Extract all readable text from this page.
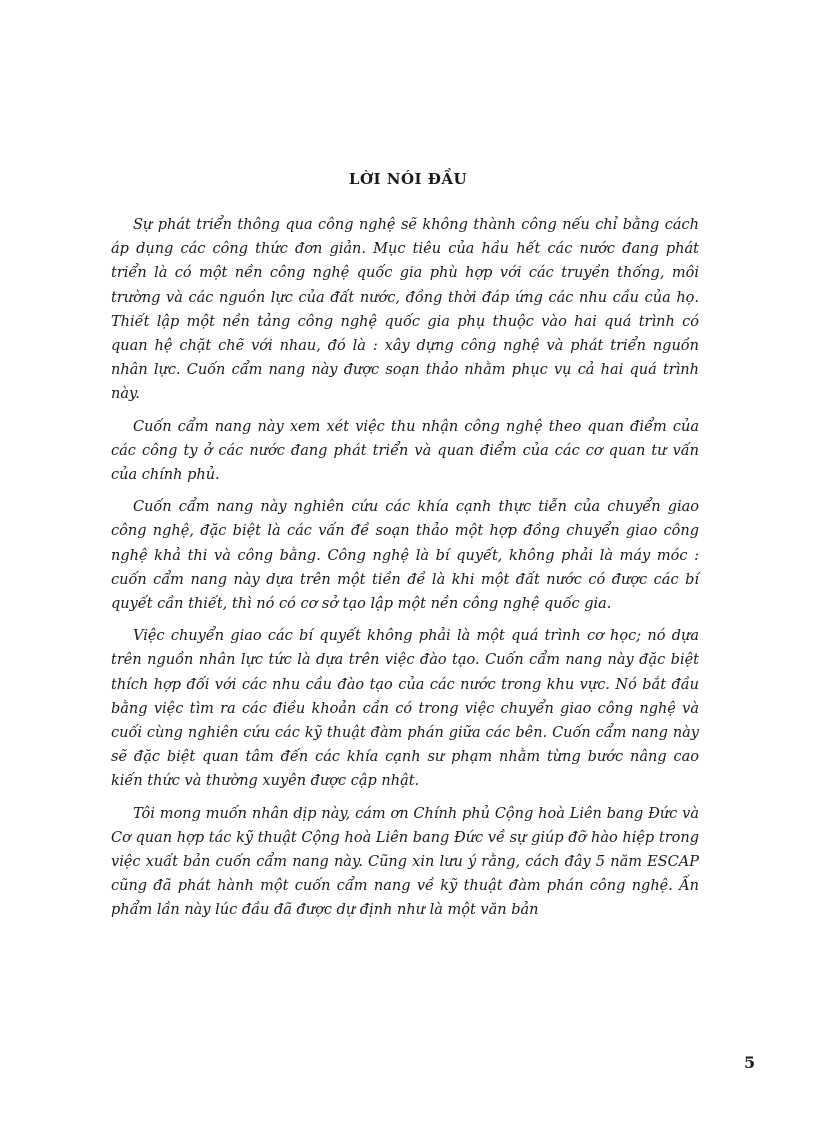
LỜI NÓI ĐẦU

Sự phát triển thông qua công nghệ sẽ không thành công nếu chỉ bằng cách áp dụng các công thức đơn giản. Mục tiêu của hầu hết các nước đang phát triển là có một nền công nghệ quốc gia phù hợp với các truyền thống, môi trường và các nguồn lực của đất nước, đồng thời đáp ứng các nhu cầu của họ. Thiết lập một nền tảng công nghệ quốc gia phụ thuộc vào hai quá trình có quan hệ chặt chẽ với nhau, đó là : xây dựng công nghệ và phát triển nguồn nhân lực. Cuốn cẩm nang này được soạn thảo nhằm phục vụ cả hai quá trình này.

Cuốn cẩm nang này xem xét việc thu nhận công nghệ theo quan điểm của các công ty ở các nước đang phát triển và quan điểm của các cơ quan tư vấn của chính phủ.

Cuốn cẩm nang này nghiên cứu các khía cạnh thực tiễn của chuyển giao công nghệ, đặc biệt là các vấn đề soạn thảo một hợp đồng chuyển giao công nghệ khả thi và công bằng. Công nghệ là bí quyết, không phải là máy móc : cuốn cẩm nang này dựa trên một tiền đề là khi một đất nước có được các bí quyết cần thiết, thì nó có cơ sở tạo lập một nền công nghệ quốc gia.

Việc chuyển giao các bí quyết không phải là một quá trình cơ học; nó dựa trên nguồn nhân lực tức là dựa trên việc đào tạo. Cuốn cẩm nang này đặc biệt thích hợp đối với các nhu cầu đào tạo của các nước trong khu vực. Nó bắt đầu bằng việc tìm ra các điều khoản cần có trong việc chuyển giao công nghệ và cuối cùng nghiên cứu các kỹ thuật đàm phán giữa các bên. Cuốn cẩm nang này sẽ đặc biệt quan tâm đến các khía cạnh sư phạm nhằm từng bước nâng cao kiến thức và thường xuyên được cập nhật.

Tôi mong muốn nhân dịp này, cám ơn Chính phủ Cộng hoà Liên bang Đức và Cơ quan hợp tác kỹ thuật Cộng hoà Liên bang Đức về sự giúp đỡ hào hiệp trong việc xuất bản cuốn cẩm nang này. Cũng xin lưu ý rằng, cách đây 5 năm ESCAP cũng đã phát hành một cuốn cẩm nang về kỹ thuật đàm phán công nghệ. Ấn phẩm lần này lúc đầu đã được dự định như là một văn bản

5
